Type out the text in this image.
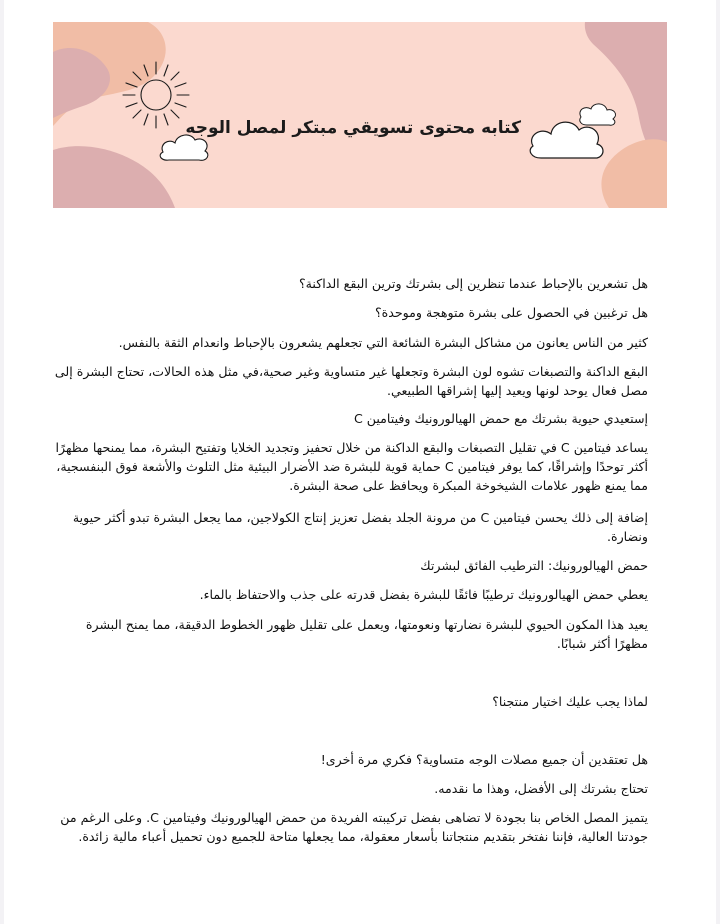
كتابه محتوى تسويقي مبتكر لمصل الوجه

هل تشعرين بالإحباط عندما تنظرين إلى بشرتك وترين البقع الداكنة؟

هل ترغبين في الحصول على بشرة متوهجة وموحدة؟

كثير من الناس يعانون من مشاكل البشرة الشائعة التي تجعلهم يشعرون بالإحباط وانعدام الثقة بالنفس.

البقع الداكنة والتصبغات تشوه لون البشرة وتجعلها غير متساوية وغير صحية،في مثل هذه الحالات، تحتاج البشرة إلى مصل فعال يوحد لونها ويعيد إليها إشراقها الطبيعي.

إستعيدي حيوية بشرتك مع حمض الهيالورونيك وفيتامين C

يساعد فيتامين C في تقليل التصبغات والبقع الداكنة من خلال تحفيز وتجديد الخلايا وتفتيح البشرة، مما يمنحها مظهرًا أكثر توحدًا وإشراقًا، كما يوفر فيتامين C حماية قوية للبشرة ضد الأضرار البيئية مثل التلوث والأشعة فوق البنفسجية، مما يمنع ظهور علامات الشيخوخة المبكرة ويحافظ على صحة البشرة.

إضافة إلى ذلك يحسن فيتامين C من مرونة الجلد بفضل تعزيز إنتاج الكولاجين، مما يجعل البشرة تبدو أكثر حيوية ونضارة.

حمض الهيالورونيك: الترطيب الفائق لبشرتك

يعطي حمض الهيالورونيك ترطيبًا فائقًا للبشرة بفضل قدرته على جذب والاحتفاظ بالماء.

يعيد هذا المكون الحيوي للبشرة نضارتها ونعومتها، ويعمل على تقليل ظهور الخطوط الدقيقة، مما يمنح البشرة مظهرًا أكثر شبابًا.

لماذا يجب عليك اختيار منتجنا؟

هل تعتقدين أن جميع مصلات الوجه متساوية؟ فكري مرة أخرى!

تحتاج بشرتك إلى الأفضل، وهذا ما نقدمه.

يتميز المصل الخاص بنا بجودة لا تضاهى بفضل تركيبته الفريدة من حمض الهيالورونيك وفيتامين C. وعلى الرغم من جودتنا العالية، فإننا نفتخر بتقديم منتجاتنا بأسعار معقولة، مما يجعلها متاحة للجميع دون تحميل أعباء مالية زائدة.
